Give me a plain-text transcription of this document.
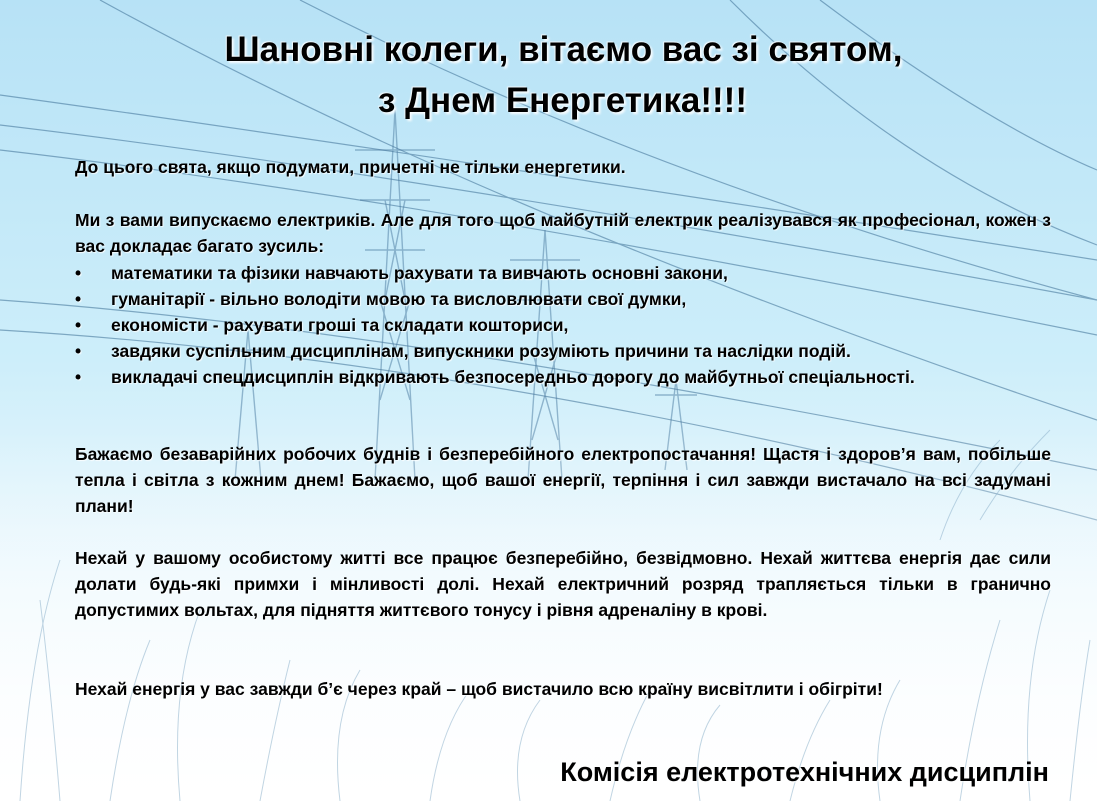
Шановні колеги, вітаємо вас зі святом,
з Днем Енергетика!!!!
До цього свята, якщо подумати, причетні не тільки енергетики.
Ми з вами випускаємо електриків. Але для того щоб майбутній електрик реалізувався як професіонал, кожен з вас докладає багато зусиль:
•	математики та фізики навчають рахувати та вивчають основні закони,
•	гуманітарії - вільно володіти мовою та висловлювати свої думки,
•	економісти - рахувати гроші та складати кошториси,
•	завдяки суспільним дисциплінам, випускники розуміють причини та наслідки подій.
•	викладачі спецдисциплін відкривають безпосередньо дорогу до майбутньої спеціальності.
Бажаємо безаварійних робочих буднів і безперебійного електропостачання! Щастя і здоров’я вам, побільше тепла і світла з кожним днем! Бажаємо, щоб вашої енергії, терпіння і сил завжди вистачало на всі задумані плани!
Нехай у вашому особистому житті все працює безперебійно, безвідмовно. Нехай життєва енергія дає сили долати будь-які примхи і мінливості долі. Нехай електричний розряд трапляється тільки в гранично допустимих вольтах, для підняття життєвого тонусу і рівня адреналіну в крові.
Нехай енергія у вас завжди б’є через край – щоб вистачило всю країну висвітлити і обігріти!
Комісія електротехнічних дисциплін
